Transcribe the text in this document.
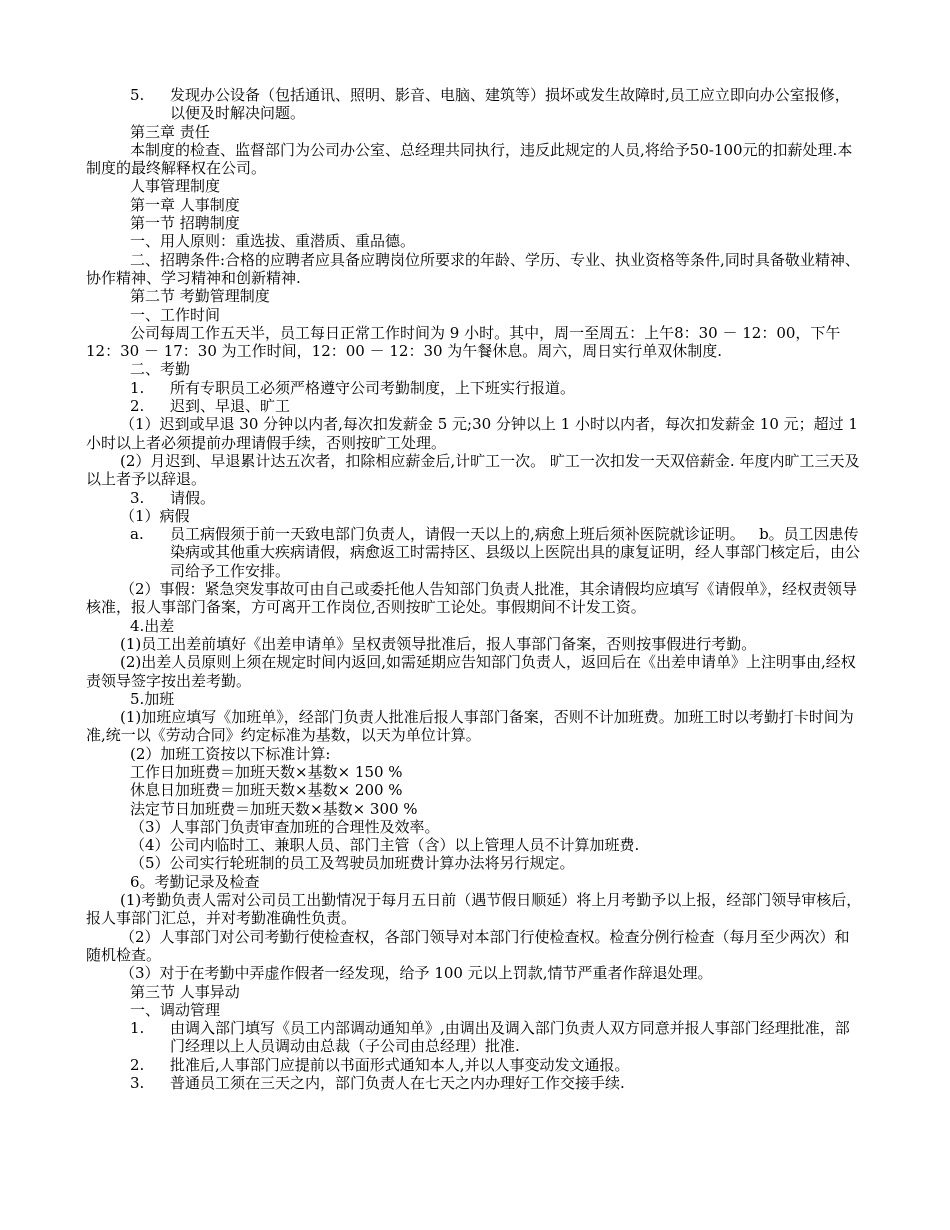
5.	发现办公设备（包括通讯、照明、影音、电脑、建筑等）损坏或发生故障时,员工应立即向办公室报修，以便及时解决问题。
第三章 责任
本制度的检查、监督部门为公司办公室、总经理共同执行，违反此规定的人员,将给予50-100元的扣薪处理.本制度的最终解释权在公司。
人事管理制度
第一章 人事制度
第一节 招聘制度
一、用人原则：重选拔、重潜质、重品德。
二、招聘条件:合格的应聘者应具备应聘岗位所要求的年龄、学历、专业、执业资格等条件,同时具备敬业精神、协作精神、学习精神和创新精神.
第二节 考勤管理制度
一、工作时间
公司每周工作五天半，员工每日正常工作时间为 9 小时。其中，周一至周五：上午8：30 － 12：00，下午12：30 － 17：30 为工作时间，12：00 － 12：30 为午餐休息。周六，周日实行单双休制度.
二、考勤
1.	所有专职员工必须严格遵守公司考勤制度，上下班实行报道。
2.	迟到、早退、旷工
（1）迟到或早退 30 分钟以内者,每次扣发薪金 5 元;30 分钟以上 1 小时以内者，每次扣发薪金 10 元；超过 1 小时以上者必须提前办理请假手续，否则按旷工处理。
(2）月迟到、早退累计达五次者，扣除相应薪金后,计旷工一次。 旷工一次扣发一天双倍薪金. 年度内旷工三天及以上者予以辞退。
3.	请假。
（1）病假
a.	员工病假须于前一天致电部门负责人，请假一天以上的,病愈上班后须补医院就诊证明。   b。员工因患传染病或其他重大疾病请假，病愈返工时需持区、县级以上医院出具的康复证明，经人事部门核定后，由公司给予工作安排。
（2）事假：紧急突发事故可由自己或委托他人告知部门负责人批准，其余请假均应填写《请假单》，经权责领导核准，报人事部门备案，方可离开工作岗位,否则按旷工论处。事假期间不计发工资。
4.出差
(1)员工出差前填好《出差申请单》呈权责领导批准后，报人事部门备案，否则按事假进行考勤。
(2)出差人员原则上须在规定时间内返回,如需延期应告知部门负责人，返回后在《出差申请单》上注明事由,经权责领导签字按出差考勤。
5.加班
(1)加班应填写《加班单》，经部门负责人批准后报人事部门备案，否则不计加班费。加班工时以考勤打卡时间为准,统一以《劳动合同》约定标准为基数，以天为单位计算。
(2）加班工资按以下标准计算:
工作日加班费＝加班天数×基数× 150 %
休息日加班费＝加班天数×基数× 200 %
法定节日加班费＝加班天数×基数× 300 %
（3）人事部门负责审查加班的合理性及效率。
（4）公司内临时工、兼职人员、部门主管（含）以上管理人员不计算加班费.
（5）公司实行轮班制的员工及驾驶员加班费计算办法将另行规定。
6。考勤记录及检查
(1)考勤负责人需对公司员工出勤情况于每月五日前（遇节假日顺延）将上月考勤予以上报，经部门领导审核后，报人事部门汇总，并对考勤准确性负责。
（2）人事部门对公司考勤行使检查权，各部门领导对本部门行使检查权。检查分例行检查（每月至少两次）和随机检查。
（3）对于在考勤中弄虚作假者一经发现，给予 100 元以上罚款,情节严重者作辞退处理。
第三节 人事异动
一、调动管理
1.	由调入部门填写《员工内部调动通知单》,由调出及调入部门负责人双方同意并报人事部门经理批准，部门经理以上人员调动由总裁（子公司由总经理）批准.
2.	批准后,人事部门应提前以书面形式通知本人,并以人事变动发文通报。
3.	普通员工须在三天之内，部门负责人在七天之内办理好工作交接手续.
